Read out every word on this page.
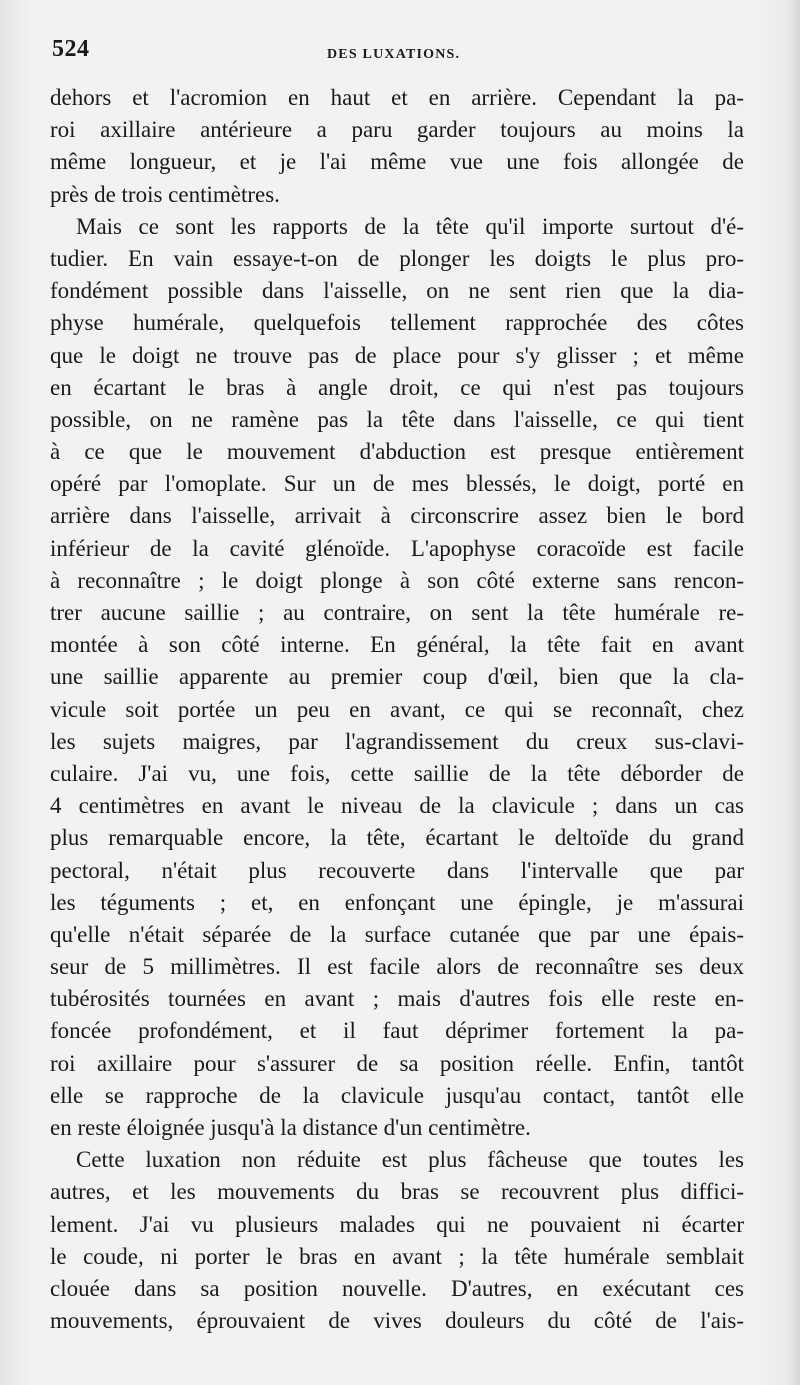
524	DES LUXATIONS.

dehors et l'acromion en haut et en arrière. Cependant la pa-
roi axillaire antérieure a paru garder toujours au moins la
même longueur, et je l'ai même vue une fois allongée de
près de trois centimètres.

Mais ce sont les rapports de la tête qu'il importe surtout d'é-
tudier. En vain essaye-t-on de plonger les doigts le plus pro-
fondément possible dans l'aisselle, on ne sent rien que la dia-
physe humérale, quelquefois tellement rapprochée des côtes
que le doigt ne trouve pas de place pour s'y glisser ; et même
en écartant le bras à angle droit, ce qui n'est pas toujours
possible, on ne ramène pas la tête dans l'aisselle, ce qui tient
à ce que le mouvement d'abduction est presque entièrement
opéré par l'omoplate. Sur un de mes blessés, le doigt, porté en
arrière dans l'aisselle, arrivait à circonscrire assez bien le bord
inférieur de la cavité glénoïde. L'apophyse coracoïde est facile
à reconnaître ; le doigt plonge à son côté externe sans rencon-
trer aucune saillie ; au contraire, on sent la tête humérale re-
montée à son côté interne. En général, la tête fait en avant
une saillie apparente au premier coup d'œil, bien que la cla-
vicule soit portée un peu en avant, ce qui se reconnaît, chez
les sujets maigres, par l'agrandissement du creux sus-clavi-
culaire. J'ai vu, une fois, cette saillie de la tête déborder de
4 centimètres en avant le niveau de la clavicule ; dans un cas
plus remarquable encore, la tête, écartant le deltoïde du grand
pectoral, n'était plus recouverte dans l'intervalle que par
les téguments ; et, en enfonçant une épingle, je m'assurai
qu'elle n'était séparée de la surface cutanée que par une épais-
seur de 5 millimètres. Il est facile alors de reconnaître ses deux
tubérosités tournées en avant ; mais d'autres fois elle reste en-
foncée profondément, et il faut déprimer fortement la pa-
roi axillaire pour s'assurer de sa position réelle. Enfin, tantôt
elle se rapproche de la clavicule jusqu'au contact, tantôt elle
en reste éloignée jusqu'à la distance d'un centimètre.

Cette luxation non réduite est plus fâcheuse que toutes les
autres, et les mouvements du bras se recouvrent plus diffici-
lement. J'ai vu plusieurs malades qui ne pouvaient ni écarter
le coude, ni porter le bras en avant ; la tête humérale semblait
clouée dans sa position nouvelle. D'autres, en exécutant ces
mouvements, éprouvaient de vives douleurs du côté de l'ais-
